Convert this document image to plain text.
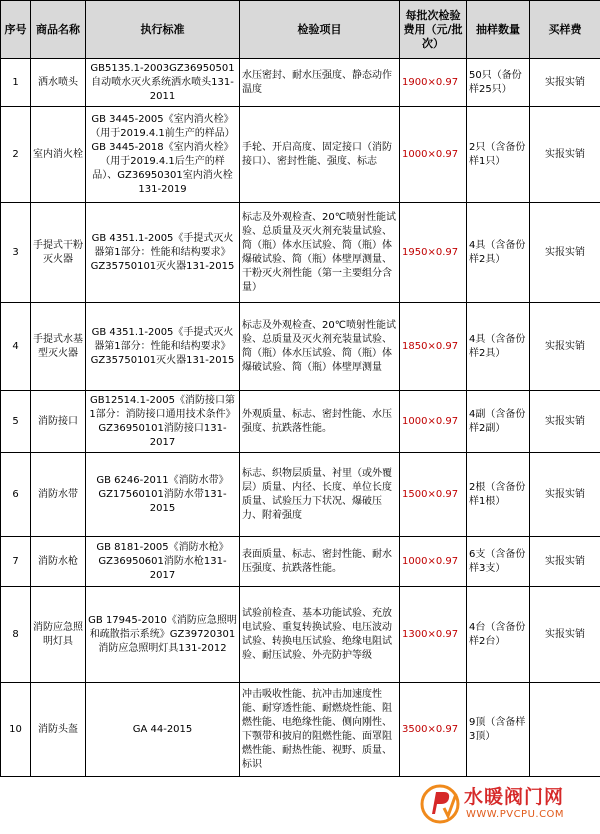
序号	商品名称	执行标准	检验项目	每批次检验费用（元/批次）	抽样数量	买样费
1	洒水喷头	GB5135.1-2003GZ36950501自动喷水灭火系统洒水喷头131-2011	水压密封、耐水压强度、静态动作温度	1900×0.97	50只（备份样25只）	实报实销
2	室内消火栓	GB 3445-2005《室内消火栓》（用于2019.4.1前生产的样品）GB 3445-2018《室内消火栓》（用于2019.4.1后生产的样品）、GZ36950301室内消火栓131-2019	手轮、开启高度、固定接口（消防接口）、密封性能、强度、标志	1000×0.97	2只（含备份样1只）	实报实销
3	手提式干粉灭火器	GB 4351.1-2005《手提式灭火器第1部分：性能和结构要求》GZ35750101灭火器131-2015	标志及外观检查、20℃喷射性能试验、总质量及灭火剂充装量试验、简（瓶）体水压试验、简（瓶）体爆破试验、简（瓶）体壁厚测量、干粉灭火剂性能（第一主要组分含量）	1950×0.97	4具（含备份样2具）	实报实销
4	手提式水基型灭火器	GB 4351.1-2005《手提式灭火器第1部分：性能和结构要求》GZ35750101灭火器131-2015	标志及外观检查、20℃喷射性能试验、总质量及灭火剂充装量试验、简（瓶）体水压试验、简（瓶）体爆破试验、简（瓶）体壁厚测量	1850×0.97	4具（含备份样2具）	实报实销
5	消防接口	GB12514.1-2005《消防接口第1部分：消防接口通用技术条件》GZ36950101消防接口131-2017	外观质量、标志、密封性能、水压强度、抗跌落性能。	1000×0.97	4副（含备份样2副）	实报实销
6	消防水带	GB 6246-2011《消防水带》GZ17560101消防水带131-2015	标志、织物层质量、衬里（或外覆层）质量、内径、长度、单位长度质量、试验压力下状况、爆破压力、附着强度	1500×0.97	2根（含备份样1根）	实报实销
7	消防水枪	GB 8181-2005《消防水枪》GZ36950601消防水枪131-2017	表面质量、标志、密封性能、耐水压强度、抗跌落性能。	1000×0.97	6支（含备份样3支）	实报实销
8	消防应急照明灯具	GB 17945-2010《消防应急照明和疏散指示系统》GZ39720301消防应急照明灯具131-2012	试验前检查、基本功能试验、充放电试验、重复转换试验、电压波动试验、转换电压试验、绝缘电阻试验、耐压试验、外壳防护等级	1300×0.97	4台（含备份样2台）	实报实销
10	消防头盔	GA 44-2015	冲击吸收性能、抗冲击加速度性能、耐穿透性能、耐燃烧性能、阻燃性能、电绝缘性能、侧向刚性、下颚带和披肩的阻燃性能、面罩阻燃性能、耐热性能、视野、质量、标识	3500×0.97	9顶（含备样3顶）	
水暖阀门网
WWW.PVCPU.COM
